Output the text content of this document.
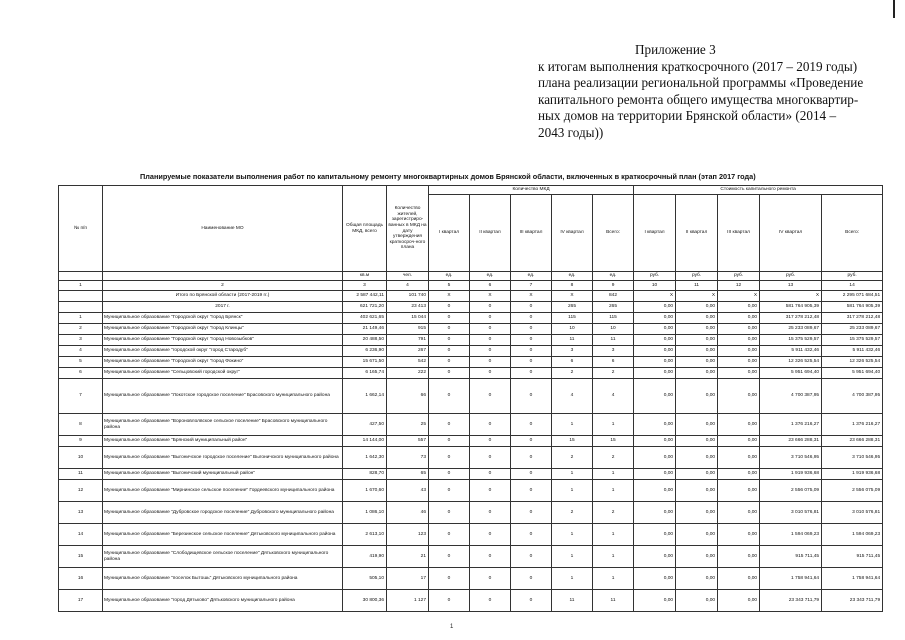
Приложение 3
к итогам выполнения краткосрочного (2017 – 2019 годы)
плана реализации региональной программы «Проведение
капитального ремонта общего имущества многоквартир-
ных домов на территории Брянской области» (2014 –
2043 годы))
Планируемые показатели выполнения работ по капитальному ремонту многоквартирных домов Брянской области, включенных в краткосрочный план (этап 2017 года)
№ п/п	Наименование МО	Общая площадь МКД, всего	Количество жителей, зарегистриро-ванных в МКД на дату утверждения краткосроч-ного плана	Количество МКД					Стоимость капитального ремонта				
				I квартал	II квартал	III квартал	IV квартал	Всего:	I квартал	II квартал	III квартал	IV квартал	Всего:
		кв.м	чел.	ед.	ед.	ед.	ед.	ед.	руб.	руб.	руб.	руб.	руб.
1	2	3	4	5	6	7	8	9	10	11	12	13	14
	Итого по Брянской области (2017-2019 гг.)	2 587 442,11	101 740	X	X	X	X	842	X	X	X	X	2 295 071 684,51
	2017 г.	621 721,20	23 413	0	0	0	265	265	0,00	0,00	0,00	581 764 905,39	581 764 905,39
1	Муниципальное образование "Городской округ "город Брянск"	402 621,65	15 044	0	0	0	115	115	0,00	0,00	0,00	317 278 212,48	317 278 212,48
2	Муниципальное образование "Городской округ "город Клинцы"	21 149,46	915	0	0	0	10	10	0,00	0,00	0,00	25 233 089,67	25 233 089,67
3	Муниципальное образование "Городской округ "город Новозыбков"	20 488,50	791	0	0	0	11	11	0,00	0,00	0,00	15 375 529,57	15 375 529,57
4	Муниципальное образование "городской округ "город Стародуб"	6 236,90	267	0	0	0	3	3	0,00	0,00	0,00	5 911 432,46	5 911 432,46
5	Муниципальное образование "Городской округ "город Фокино"	15 671,50	542	0	0	0	6	6	0,00	0,00	0,00	12 326 525,54	12 326 525,54
6	Муниципальное образование "Сельцовский городской округ"	6 165,74	222	0	0	0	2	2	0,00	0,00	0,00	5 951 694,40	5 951 694,40
7	Муниципальное образование "Локотское городское поселение" Брасовского муниципального района	1 662,14	66	0	0	0	4	4	0,00	0,00	0,00	4 700 387,95	4 700 387,95
8	Муниципальное образование "Вороновлолвское сельское поселение" Брасовского муниципального района	427,50	25	0	0	0	1	1	0,00	0,00	0,00	1 376 216,27	1 376 216,27
9	Муниципальное образование "Брянский муниципальный район"	14 144,00	557	0	0	0	15	15	0,00	0,00	0,00	23 666 288,31	23 666 288,31
10	Муниципальное образование "Выгоничское городское поселение" Выгоничского муниципального района	1 642,30	73	0	0	0	2	2	0,00	0,00	0,00	3 710 546,95	3 710 546,95
11	Муниципальное образование "Выгоничский муниципальный район"	828,70	65	0	0	0	1	1	0,00	0,00	0,00	1 919 936,68	1 919 936,68
12	Муниципальное образование "Мирнинское сельское поселение" Гордеевского муниципального района	1 670,60	43	0	0	0	1	1	0,00	0,00	0,00	2 556 075,09	2 556 075,09
13	Муниципальное образование "Дубровское городское поселение" Дубровского муниципального района	1 086,10	46	0	0	0	2	2	0,00	0,00	0,00	3 010 576,81	3 010 576,81
14	Муниципальное образование "Березинское сельское поселение" Дятьковского муниципального района	2 613,10	123	0	0	0	1	1	0,00	0,00	0,00	1 594 069,23	1 594 069,23
15	Муниципальное образование "Слободищевское сельское поселение" Дятьковского муниципального района	419,90	21	0	0	0	1	1	0,00	0,00	0,00	915 711,45	915 711,45
16	Муниципальное образование "поселок Бытошь" Дятьковского муниципального района	505,10	17	0	0	0	1	1	0,00	0,00	0,00	1 758 941,64	1 758 941,64
17	Муниципальное образование "город Дятьково" Дятьковского муниципального района	30 800,36	1 127	0	0	0	11	11	0,00	0,00	0,00	23 343 711,79	23 343 711,79
1
